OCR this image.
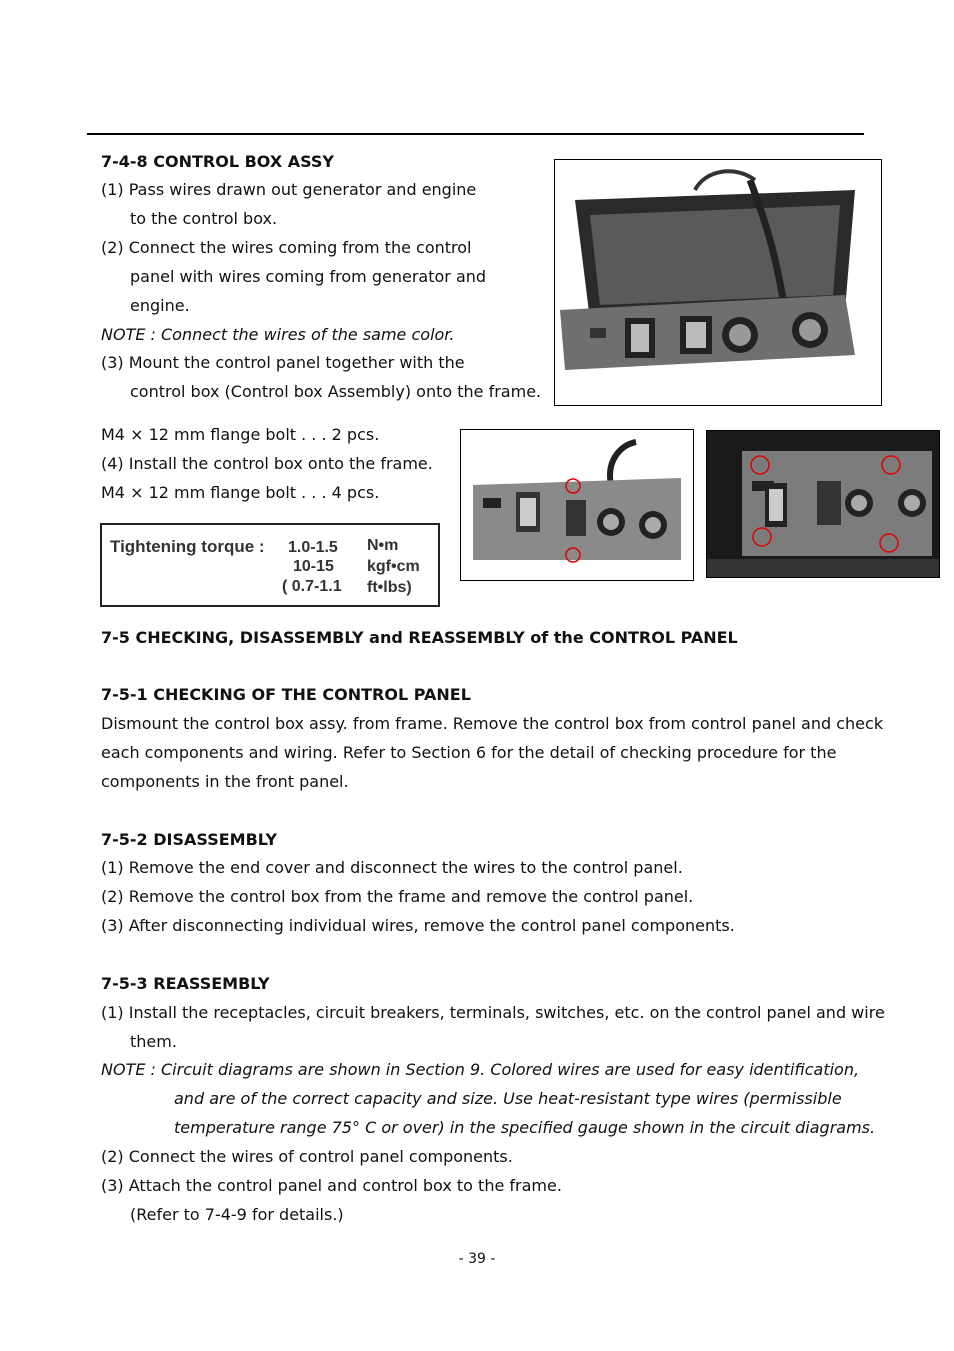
7-4-8 CONTROL BOX ASSY
(1) Pass wires drawn out generator and engine
to the control box.
(2) Connect the wires coming from the control
panel with wires coming from generator and
engine.
NOTE : Connect the wires of the same color.
(3) Mount the control panel together with the
control box (Control box Assembly) onto the frame.
M4 × 12 mm flange bolt . . . 2 pcs.
(4) Install the control box onto the frame.
M4 × 12 mm flange bolt . . . 4 pcs.
Tightening torque : 1.0-1.5 N•m
10-15 kgf•cm
( 0.7-1.1 ft•lbs)
7-5 CHECKING, DISASSEMBLY and REASSEMBLY of the CONTROL PANEL
7-5-1 CHECKING OF THE CONTROL PANEL
Dismount the control box assy. from frame. Remove the control box from control panel and check
each components and wiring. Refer to Section 6 for the detail of checking procedure for the
components in the front panel.
7-5-2 DISASSEMBLY
(1) Remove the end cover and disconnect the wires to the control panel.
(2) Remove the control box from the frame and remove the control panel.
(3) After disconnecting individual wires, remove the control panel components.
7-5-3 REASSEMBLY
(1) Install the receptacles, circuit breakers, terminals, switches, etc. on the control panel and wire
them.
NOTE : Circuit diagrams are shown in Section 9. Colored wires are used for easy identification,
and are of the correct capacity and size. Use heat-resistant type wires (permissible
temperature range 75° C or over) in the specified gauge shown in the circuit diagrams.
(2) Connect the wires of control panel components.
(3) Attach the control panel and control box to the frame.
(Refer to 7-4-9 for details.)
- 39 -
